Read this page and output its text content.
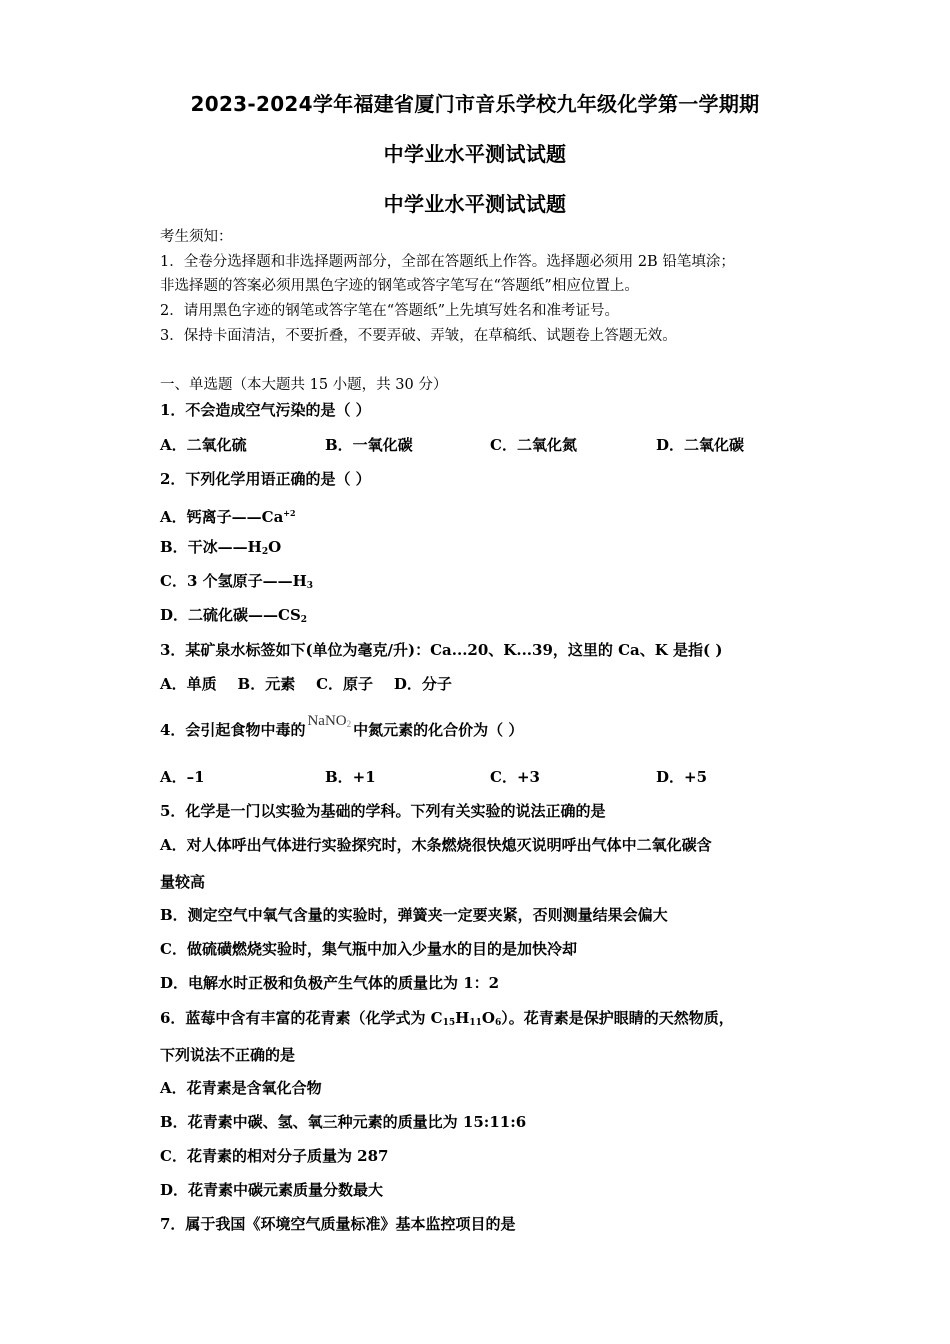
2023-2024学年福建省厦门市音乐学校九年级化学第一学期期
中学业水平测试试题
中学业水平测试试题
考生须知：
1．全卷分选择题和非选择题两部分，全部在答题纸上作答。选择题必须用 2B 铅笔填涂；
非选择题的答案必须用黑色字迹的钢笔或答字笔写在“答题纸”相应位置上。
2．请用黑色字迹的钢笔或答字笔在“答题纸”上先填写姓名和准考证号。
3．保持卡面清洁，不要折叠，不要弄破、弄皱，在草稿纸、试题卷上答题无效。
一、单选题（本大题共 15 小题，共 30 分）
1．不会造成空气污染的是（ ）
A．二氧化硫	B．一氧化碳	C．二氧化氮	D．二氧化碳
2．下列化学用语正确的是（ ）
A．钙离子$——Ca^{+2}$
B．干冰$——H_2O$
C．3 个氢原子$——H_3$
D．二硫化碳$——CS_2$
3．某矿泉水标签如下(单位为毫克/升)：Ca...20、K...39，这里的 Ca、K 是指( )
A．单质    B．元素    C．原子    D．分子
4．会引起食物中毒的 NaNO$_2$ 中氮元素的化合价为（ ）
A．–1	B．+1	C．+3	D．+5
5．化学是一门以实验为基础的学科。下列有关实验的说法正确的是
A．对人体呼出气体进行实验探究时，木条燃烧很快熄灭说明呼出气体中二氧化碳含
量较高
B．测定空气中氧气含量的实验时，弹簧夹一定要夹紧，否则测量结果会偏大
C．做硫磺燃烧实验时，集气瓶中加入少量水的目的是加快冷却
D．电解水时正极和负极产生气体的质量比为 1：2
6．蓝莓中含有丰富的花青素（化学式为 $C_{15}H_{11}O_6$）。花青素是保护眼睛的天然物质，
下列说法不正确的是
A．花青素是含氧化合物
B．花青素中碳、氢、氧三种元素的质量比为 15:11:6
C．花青素的相对分子质量为 287
D．花青素中碳元素质量分数最大
7．属于我国《环境空气质量标准》基本监控项目的是
